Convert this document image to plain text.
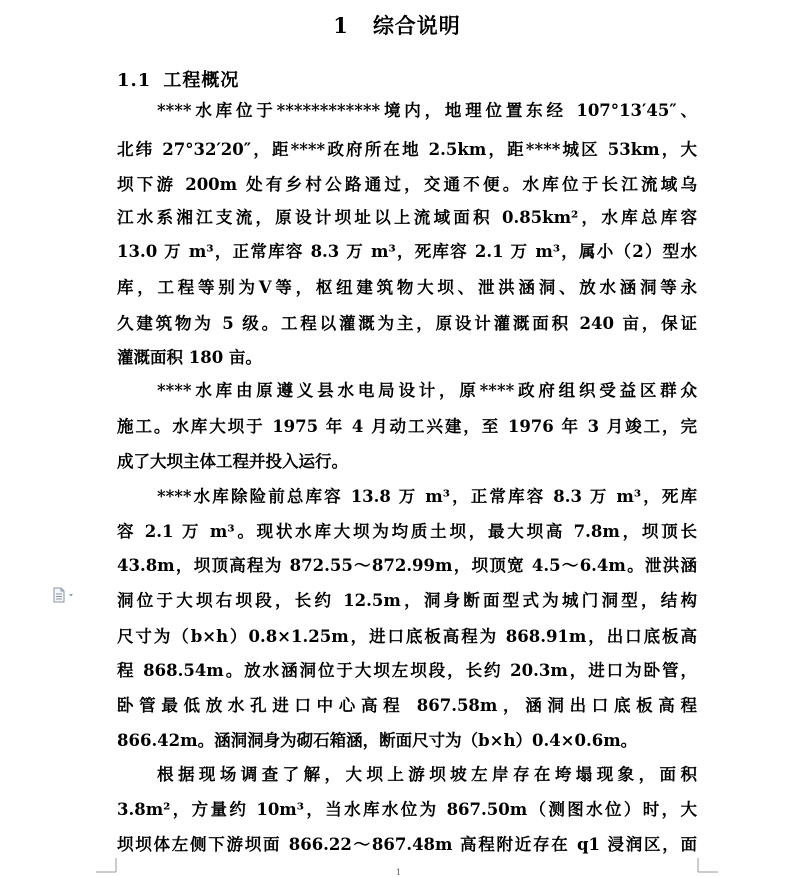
1 综合说明
1.1 工程概况
****水库位于************境内，地理位置东经 107°13′45″、
北纬 27°32′20″，距****政府所在地 2.5km，距****城区 53km，大
坝下游 200m 处有乡村公路通过，交通不便。水库位于长江流域乌
江水系湘江支流，原设计坝址以上流域面积 0.85km²，水库总库容
13.0 万 m³，正常库容 8.3 万 m³，死库容 2.1 万 m³，属小（2）型水
库，工程等别为Ⅴ等，枢纽建筑物大坝、泄洪涵洞、放水涵洞等永
久建筑物为 5 级。工程以灌溉为主，原设计灌溉面积 240 亩，保证
灌溉面积 180 亩。
****水库由原遵义县水电局设计，原****政府组织受益区群众
施工。水库大坝于 1975 年 4 月动工兴建，至 1976 年 3 月竣工，完
成了大坝主体工程并投入运行。
****水库除险前总库容 13.8 万 m³，正常库容 8.3 万 m³，死库
容 2.1 万 m³。现状水库大坝为均质土坝，最大坝高 7.8m，坝顶长
43.8m，坝顶高程为 872.55～872.99m，坝顶宽 4.5～6.4m。泄洪涵
洞位于大坝右坝段，长约 12.5m，洞身断面型式为城门洞型，结构
尺寸为（b×h）0.8×1.25m，进口底板高程为 868.91m，出口底板高
程 868.54m。放水涵洞位于大坝左坝段，长约 20.3m，进口为卧管，
卧管最低放水孔进口中心高程 867.58m，涵洞出口底板高程
866.42m。涵洞洞身为砌石箱涵，断面尺寸为（b×h）0.4×0.6m。
根据现场调查了解，大坝上游坝坡左岸存在垮塌现象，面积
3.8m²，方量约 10m³，当水库水位为 867.50m（测图水位）时，大
坝坝体左侧下游坝面 866.22～867.48m 高程附近存在 q1 浸润区，面
1
